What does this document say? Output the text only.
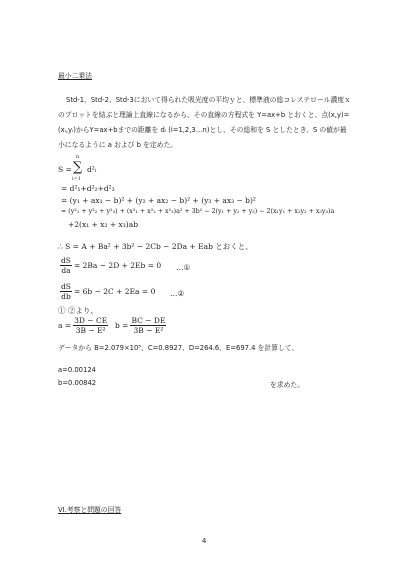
最小二乗法
Std-1、Std-2、Std-3において得られた吸光度の平均ｙと、標準液の総コレステロール濃度ｘのプロットを結ぶと理論上直線になるから、その直線の方程式を Y=ax+b とおくと、点(x,y)=(xᵢ,yᵢ)からY=ax+bまでの距離を dᵢ (i=1,2,3…n)とし、その総和を S としたとき、S の値が最小になるように a および b を定めた。
S =
n
∑
i=1
d²ᵢ
= d²₁+d²₂+d²₃
= (y₁ + ax₁ − b)² + (y₂ + ax₂ − b)² + (y₃ + ax₃ − b)²
= (y²₁ + y²₂ + y²₃) + (x²₁ + x²₂ + x²₃)a² + 3b² − 2(y₁ + y₂ + y₃) − 2(x₁y₁ + x₂y₂ + x₃y₃)a
+2(x₁ + x₂ + x₃)ab
∴ S = A + Ba² + 3b² − 2Cb − 2Da + Eab とおくと、
$\frac{dS}{da} = 2Ba - 2D + 2Eb = 0$ …①
$\frac{dS}{db} = 6b - 2C + 2Ea = 0$ …②
① ②より、
$a = \frac{3D - CE}{\text{3B − E²}}$ $b = \frac{BC - DE}{\text{3B − E²}}$
データから B=2.079×10⁵、C=0.8927、D=264.6、E=697.4 を計算して、
a=0.00124
b=0.00842	を求めた。
VI.考察と問題の回答
4
